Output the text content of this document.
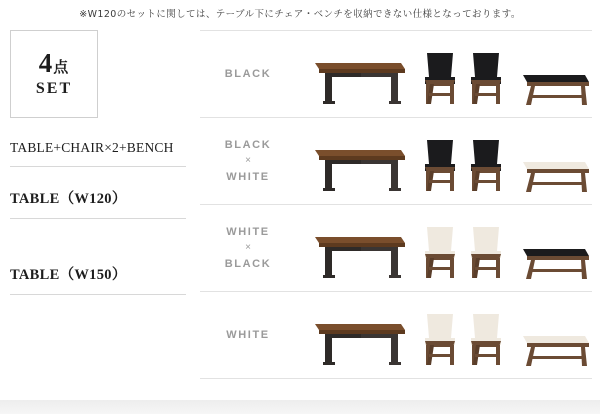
※W120のセットに関しては、テーブル下にチェア・ベンチを収納できない仕様となっております。
4点
SET
TABLE+CHAIR×2+BENCH
TABLE（W120）
TABLE（W150）
BLACK
BLACK
×
WHITE
WHITE
×
BLACK
WHITE
